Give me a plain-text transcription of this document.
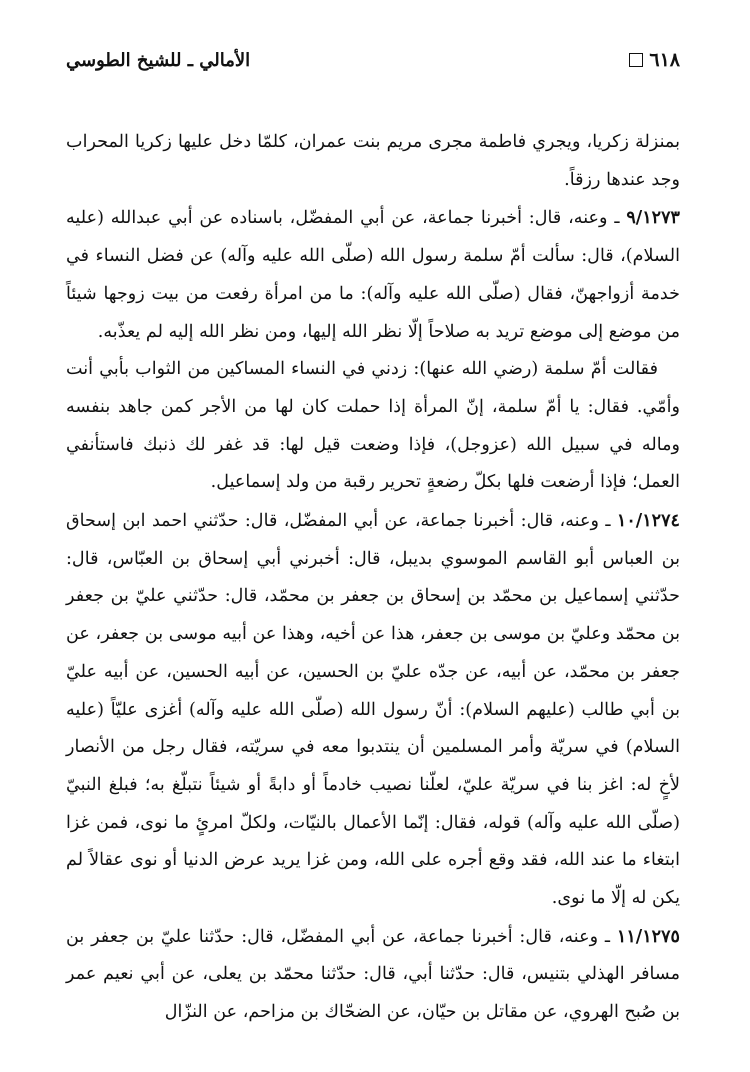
٦١٨
الأمالي ـ للشيخ الطوسي

بمنزلة زكريا، ويجري فاطمة مجرى مريم بنت عمران، كلمّا دخل عليها زكريا المحراب وجد عندها رزقاً.

٩/١٢٧٣ ـ وعنه، قال: أخبرنا جماعة، عن أبي المفضّل، باسناده عن أبي عبدالله (عليه السلام)، قال: سألت أمّ سلمة رسول الله (صلّى الله عليه وآله) عن فضل النساء في خدمة أزواجهنّ، فقال (صلّى الله عليه وآله): ما من امرأة رفعت من بيت زوجها شيئاً من موضع إلى موضع تريد به صلاحاً إلّا نظر الله إليها، ومن نظر الله إليه لم يعذّبه.

فقالت أمّ سلمة (رضي الله عنها): زدني في النساء المساكين من الثواب بأبي أنت وأمّي. فقال: يا أمّ سلمة، إنّ المرأة إذا حملت كان لها من الأجر كمن جاهد بنفسه وماله في سبيل الله (عزوجل)، فإذا وضعت قيل لها: قد غفر لك ذنبك فاستأنفي العمل؛ فإذا أرضعت فلها بكلّ رضعةٍ تحرير رقبة من ولد إسماعيل.

١٠/١٢٧٤ ـ وعنه، قال: أخبرنا جماعة، عن أبي المفضّل، قال: حدّثني احمد ابن إسحاق بن العباس أبو القاسم الموسوي بديبل، قال: أخبرني أبي إسحاق بن العبّاس، قال: حدّثني إسماعيل بن محمّد بن إسحاق بن جعفر بن محمّد، قال: حدّثني عليّ بن جعفر بن محمّد وعليّ بن موسى بن جعفر، هذا عن أخيه، وهذا عن أبيه موسى بن جعفر، عن جعفر بن محمّد، عن أبيه، عن جدّه عليّ بن الحسين، عن أبيه الحسين، عن أبيه عليّ بن أبي طالب (عليهم السلام): أنّ رسول الله (صلّى الله عليه وآله) أغزى عليّاً (عليه السلام) في سريّة وأمر المسلمين أن ينتدبوا معه في سريّته، فقال رجل من الأنصار لأخٍ له: اغز بنا في سريّة عليّ، لعلّنا نصيب خادماً أو دابةً أو شيئاً نتبلّغ به؛ فبلغ النبيّ (صلّى الله عليه وآله) قوله، فقال: إنّما الأعمال بالنيّات، ولكلّ امرئٍ ما نوى، فمن غزا ابتغاء ما عند الله، فقد وقع أجره على الله، ومن غزا يريد عرض الدنيا أو نوى عقالاً لم يكن له إلّا ما نوى.

١١/١٢٧٥ ـ وعنه، قال: أخبرنا جماعة، عن أبي المفضّل، قال: حدّثنا عليّ بن جعفر بن مسافر الهذلي بتنيس، قال: حدّثنا أبي، قال: حدّثنا محمّد بن يعلى، عن أبي نعيم عمر بن صُبح الهروي، عن مقاتل بن حيّان، عن الضحّاك بن مزاحم، عن النزّال
